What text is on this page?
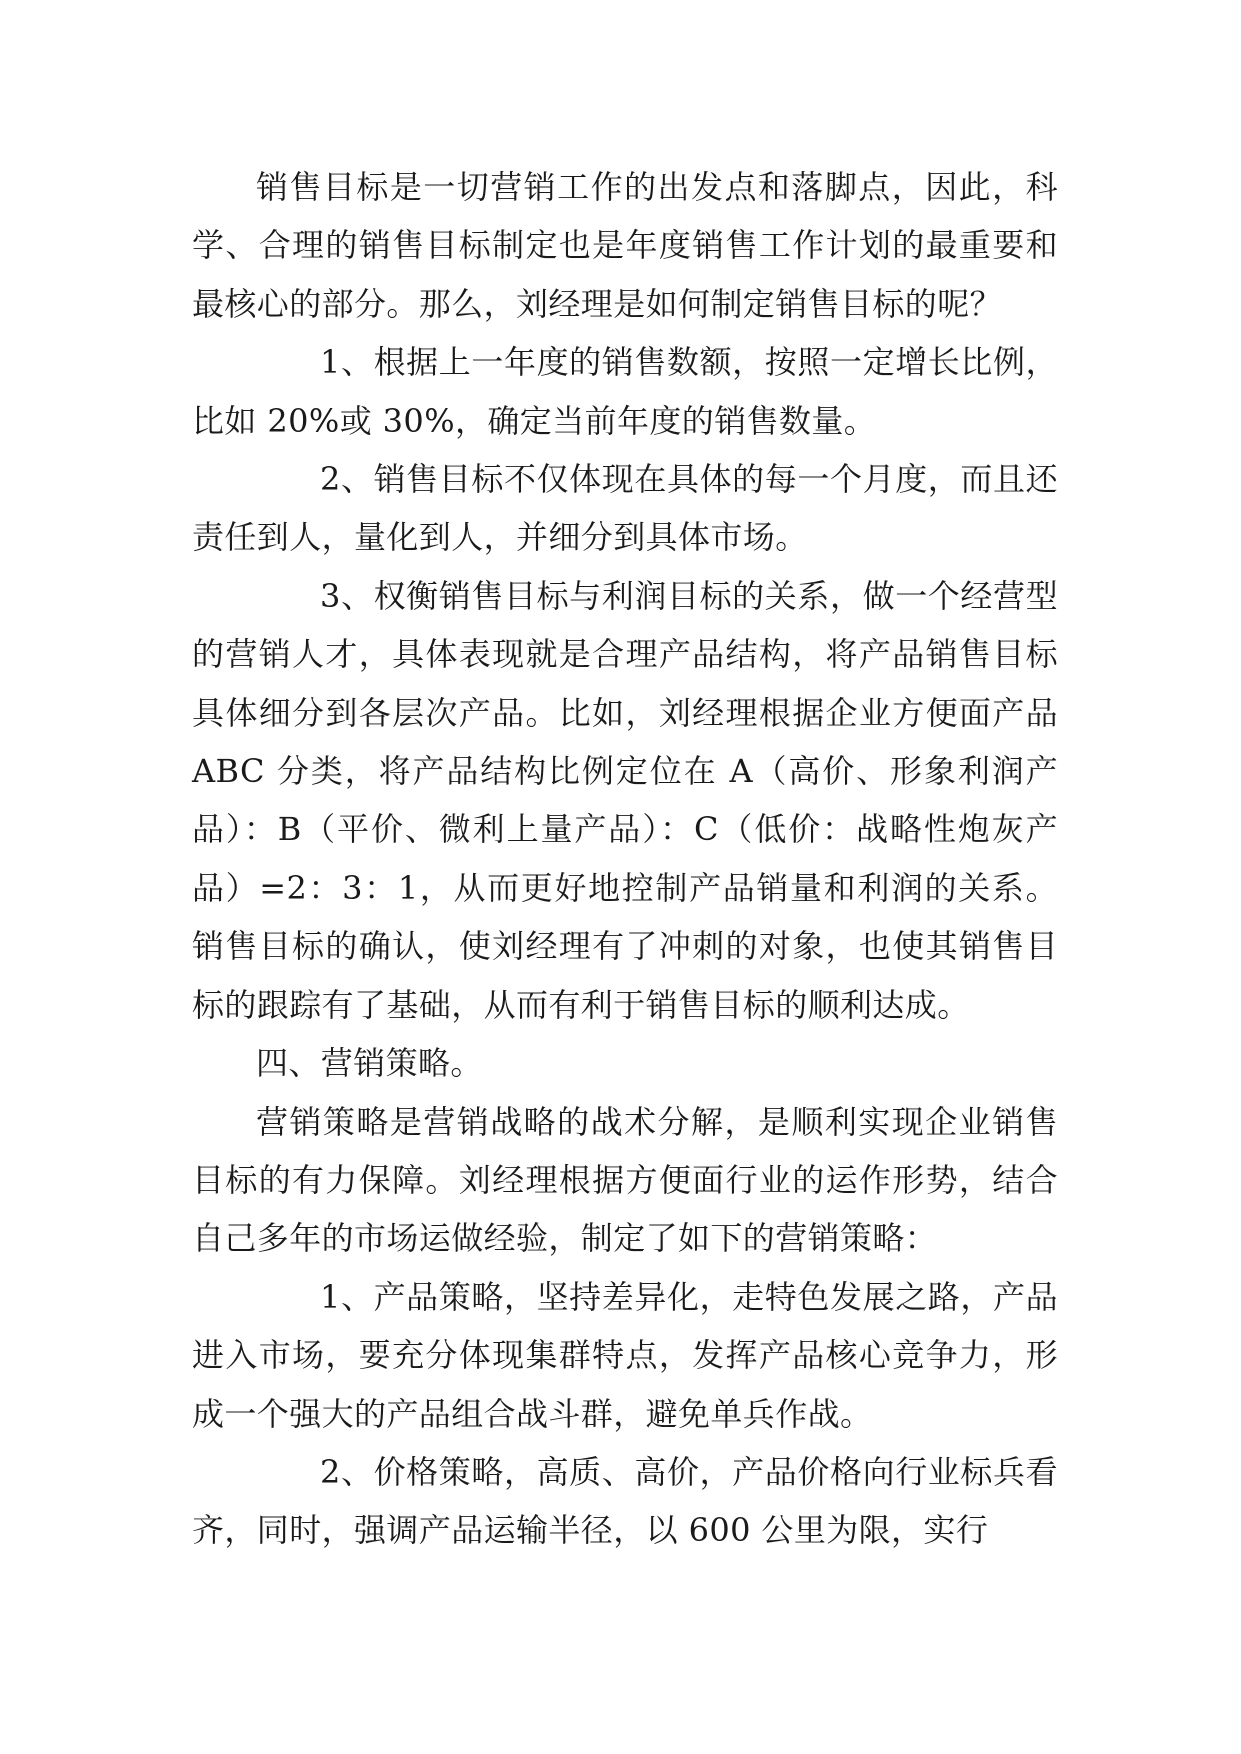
销售目标是一切营销工作的出发点和落脚点，因此，科学、合理的销售目标制定也是年度销售工作计划的最重要和最核心的部分。那么，刘经理是如何制定销售目标的呢？

1、根据上一年度的销售数额，按照一定增长比例，比如 20%或 30%，确定当前年度的销售数量。

2、销售目标不仅体现在具体的每一个月度，而且还责任到人，量化到人，并细分到具体市场。

3、权衡销售目标与利润目标的关系，做一个经营型的营销人才，具体表现就是合理产品结构，将产品销售目标具体细分到各层次产品。比如，刘经理根据企业方便面产品 ABC 分类，将产品结构比例定位在 A（高价、形象利润产品）：B（平价、微利上量产品）：C（低价：战略性炮灰产品）=2：3：1，从而更好地控制产品销量和利润的关系。销售目标的确认，使刘经理有了冲刺的对象，也使其销售目标的跟踪有了基础，从而有利于销售目标的顺利达成。

四、营销策略。

营销策略是营销战略的战术分解，是顺利实现企业销售目标的有力保障。刘经理根据方便面行业的运作形势，结合自己多年的市场运做经验，制定了如下的营销策略：

1、产品策略，坚持差异化，走特色发展之路，产品进入市场，要充分体现集群特点，发挥产品核心竞争力，形成一个强大的产品组合战斗群，避免单兵作战。

2、价格策略，高质、高价，产品价格向行业标兵看齐，同时，强调产品运输半径，以 600 公里为限，实行
